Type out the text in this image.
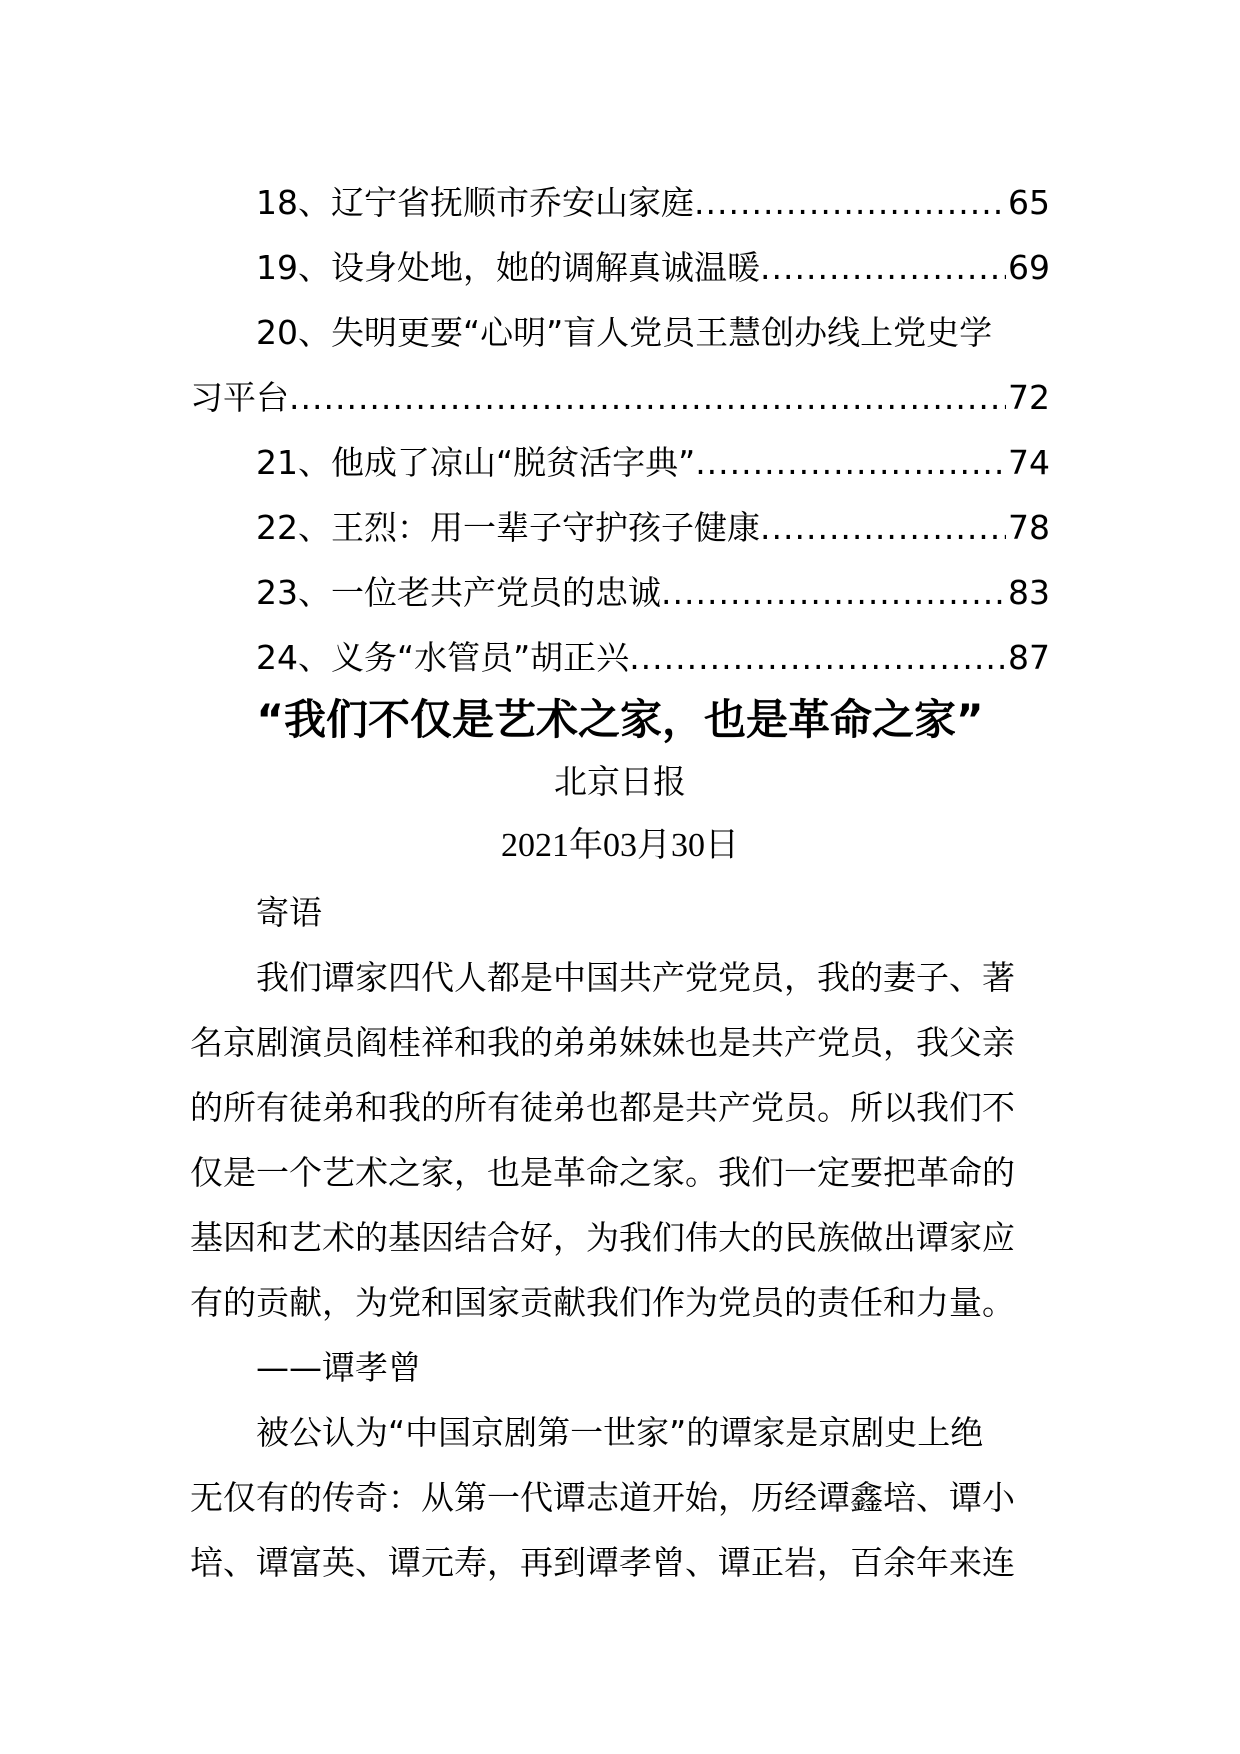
18、辽宁省抚顺市乔安山家庭 .....	65
19、设身处地，她的调解真诚温暖 .....	69
20、失明更要“心明”盲人党员王慧创办线上党史学
习平台 .....	72
21、他成了凉山“脱贫活字典” .....	74
22、王烈：用一辈子守护孩子健康 .....	78
23、一位老共产党员的忠诚 .....	83
24、义务“水管员”胡正兴 .....	87
“我们不仅是艺术之家，也是革命之家”
北京日报
2021年03月30日
寄语
我们谭家四代人都是中国共产党党员，我的妻子、著
名京剧演员阎桂祥和我的弟弟妹妹也是共产党员，我父亲
的所有徒弟和我的所有徒弟也都是共产党员。所以我们不
仅是一个艺术之家，也是革命之家。我们一定要把革命的
基因和艺术的基因结合好，为我们伟大的民族做出谭家应
有的贡献，为党和国家贡献我们作为党员的责任和力量。
——谭孝曾
被公认为“中国京剧第一世家”的谭家是京剧史上绝
无仅有的传奇：从第一代谭志道开始，历经谭鑫培、谭小
培、谭富英、谭元寿，再到谭孝曾、谭正岩，百余年来连
